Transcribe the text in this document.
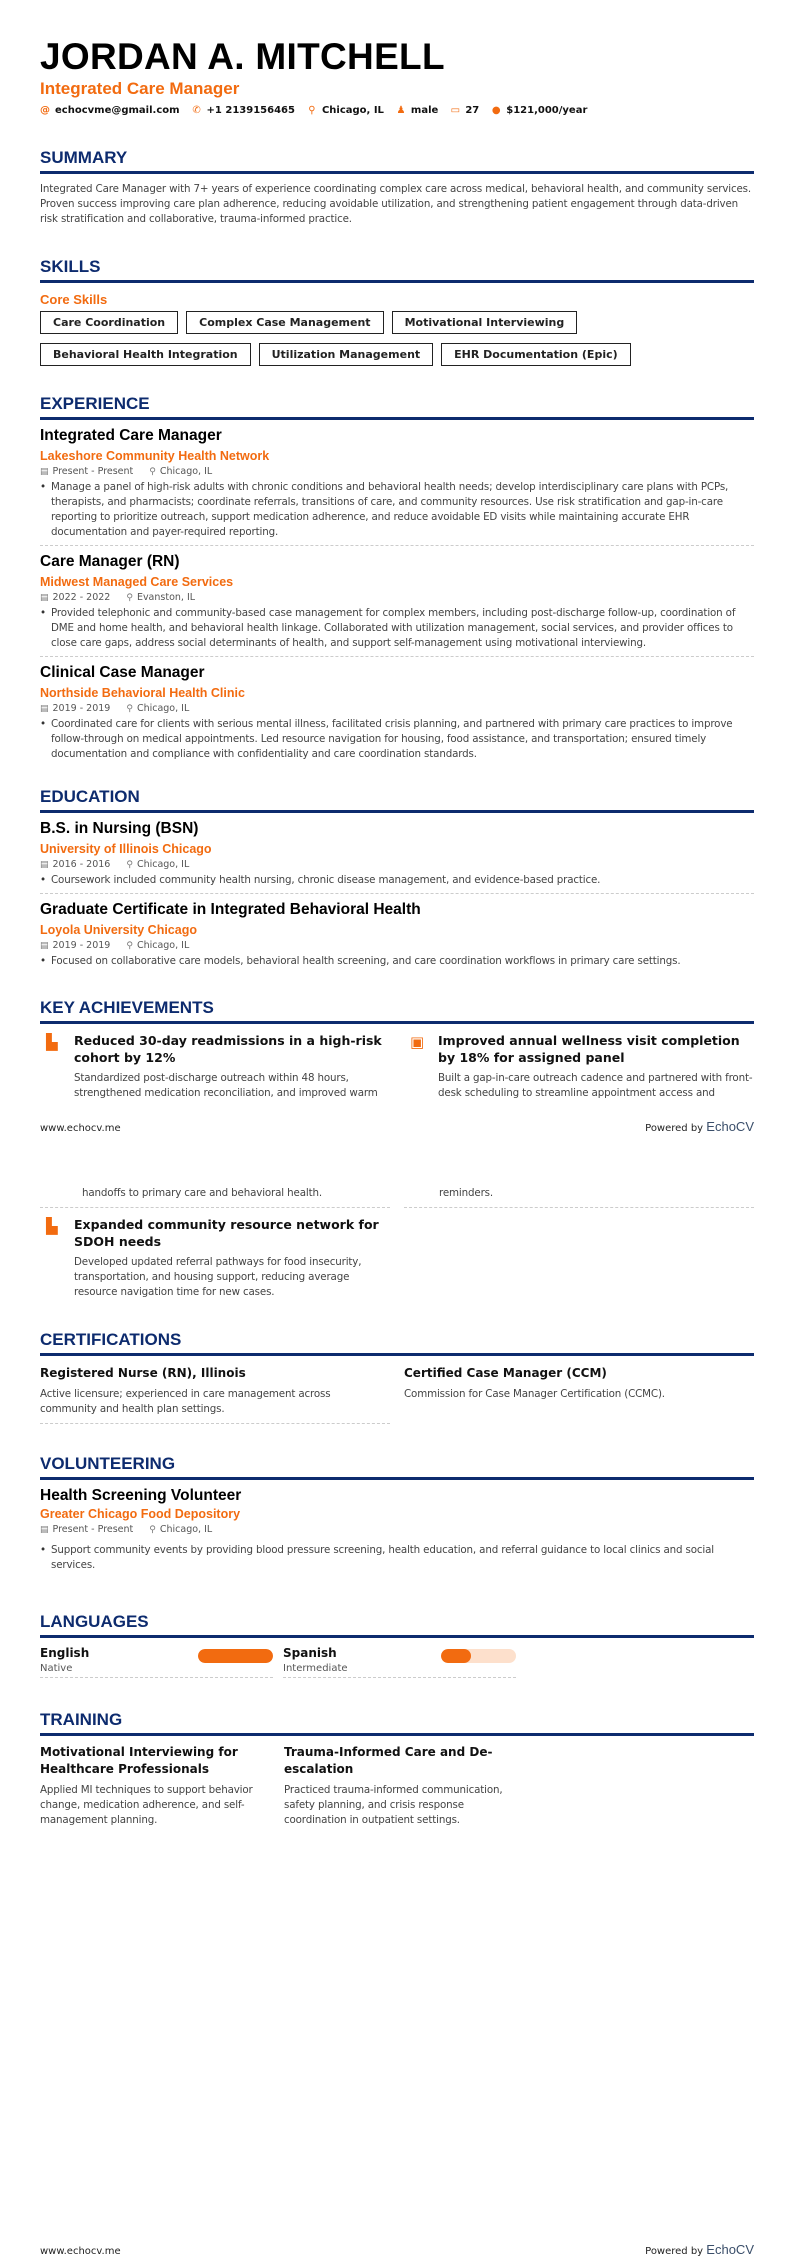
JORDAN A. MITCHELL
Integrated Care Manager
@ echocvme@gmail.com ✆ +1 2139156465 ⚲ Chicago, IL ♟ male ▭ 27 ● $121,000/year
SUMMARY

Integrated Care Manager with 7+ years of experience coordinating complex care across medical, behavioral health, and community services. Proven success improving care plan adherence, reducing avoidable utilization, and strengthening patient engagement through data-driven risk stratification and collaborative, trauma-informed practice.

SKILLS
Core Skills
Care Coordination	Complex Case Management	Motivational Interviewing
Behavioral Health Integration	Utilization Management	EHR Documentation (Epic)
EXPERIENCE
Integrated Care Manager
Lakeshore Community Health Network
▤ Present - Present ⚲ Chicago, IL
• Manage a panel of high-risk adults with chronic conditions and behavioral health needs; develop interdisciplinary care plans with PCPs, therapists, and pharmacists; coordinate referrals, transitions of care, and community resources. Use risk stratification and gap-in-care reporting to prioritize outreach, support medication adherence, and reduce avoidable ED visits while maintaining accurate EHR documentation and payer-required reporting.
Care Manager (RN)
Midwest Managed Care Services
▤ 2022 - 2022 ⚲ Evanston, IL
• Provided telephonic and community-based case management for complex members, including post-discharge follow-up, coordination of DME and home health, and behavioral health linkage. Collaborated with utilization management, social services, and provider offices to close care gaps, address social determinants of health, and support self-management using motivational interviewing.
Clinical Case Manager
Northside Behavioral Health Clinic
▤ 2019 - 2019 ⚲ Chicago, IL
• Coordinated care for clients with serious mental illness, facilitated crisis planning, and partnered with primary care practices to improve follow-through on medical appointments. Led resource navigation for housing, food assistance, and transportation; ensured timely documentation and compliance with confidentiality and care coordination standards.
EDUCATION
B.S. in Nursing (BSN)
University of Illinois Chicago
▤ 2016 - 2016 ⚲ Chicago, IL
• Coursework included community health nursing, chronic disease management, and evidence-based practice.
Graduate Certificate in Integrated Behavioral Health
Loyola University Chicago
▤ 2019 - 2019 ⚲ Chicago, IL
• Focused on collaborative care models, behavioral health screening, and care coordination workflows in primary care settings.
KEY ACHIEVEMENTS
▙ Reduced 30-day readmissions in a high-risk cohort by 12%

Standardized post-discharge outreach within 48 hours, strengthened medication reconciliation, and improved warm

▣ Improved annual wellness visit completion by 18% for assigned panel

Built a gap-in-care outreach cadence and partnered with front-desk scheduling to streamline appointment access and

www.echocv.me	Powered by EchoCV
handoffs to primary care and behavioral health.	reminders.
▙ Expanded community resource network for SDOH needs

Developed updated referral pathways for food insecurity, transportation, and housing support, reducing average resource navigation time for new cases.

CERTIFICATIONS
Registered Nurse (RN), Illinois

Active licensure; experienced in care management across community and health plan settings.

Certified Case Manager (CCM)

Commission for Case Manager Certification (CCMC).

VOLUNTEERING
Health Screening Volunteer
Greater Chicago Food Depository
▤ Present - Present ⚲ Chicago, IL
• Support community events by providing blood pressure screening, health education, and referral guidance to local clinics and social services.
LANGUAGES
English
Native
Spanish
Intermediate
TRAINING
Motivational Interviewing for Healthcare Professionals

Applied MI techniques to support behavior change, medication adherence, and self-management planning.

Trauma-Informed Care and De-escalation

Practiced trauma-informed communication, safety planning, and crisis response coordination in outpatient settings.

www.echocv.me	Powered by EchoCV
